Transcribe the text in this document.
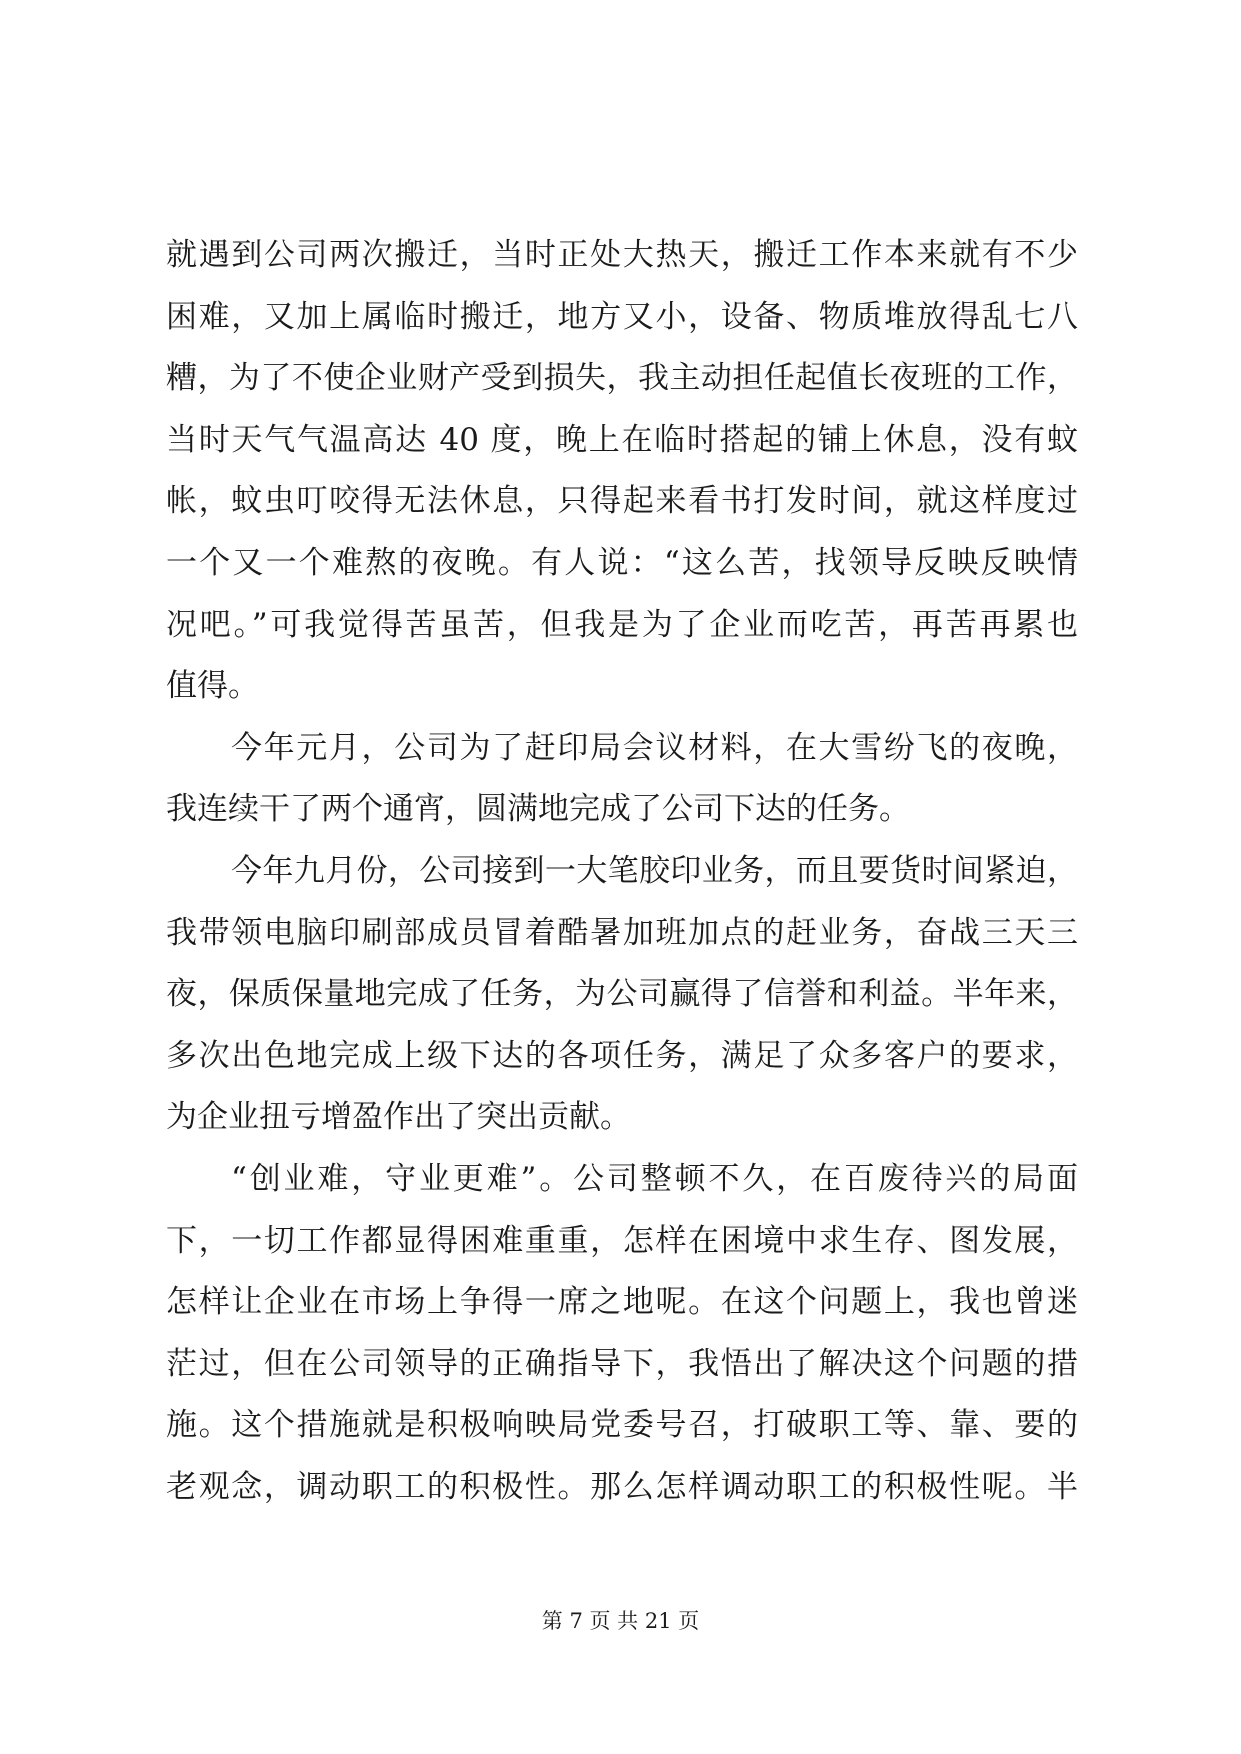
就遇到公司两次搬迁，当时正处大热天，搬迁工作本来就有不少
困难，又加上属临时搬迁，地方又小，设备、物质堆放得乱七八
糟，为了不使企业财产受到损失，我主动担任起值长夜班的工作，
当时天气气温高达 40 度，晚上在临时搭起的铺上休息，没有蚊
帐，蚊虫叮咬得无法休息，只得起来看书打发时间，就这样度过
一个又一个难熬的夜晚。有人说：“这么苦，找领导反映反映情
况吧。”可我觉得苦虽苦，但我是为了企业而吃苦，再苦再累也
值得。
今年元月，公司为了赶印局会议材料，在大雪纷飞的夜晚，
我连续干了两个通宵，圆满地完成了公司下达的任务。
今年九月份，公司接到一大笔胶印业务，而且要货时间紧迫，
我带领电脑印刷部成员冒着酷暑加班加点的赶业务，奋战三天三
夜，保质保量地完成了任务，为公司赢得了信誉和利益。半年来，
多次出色地完成上级下达的各项任务，满足了众多客户的要求，
为企业扭亏增盈作出了突出贡献。
“创业难，守业更难”。公司整顿不久，在百废待兴的局面
下，一切工作都显得困难重重，怎样在困境中求生存、图发展，
怎样让企业在市场上争得一席之地呢。在这个问题上，我也曾迷
茫过，但在公司领导的正确指导下，我悟出了解决这个问题的措
施。这个措施就是积极响映局党委号召，打破职工等、靠、要的
老观念，调动职工的积极性。那么怎样调动职工的积极性呢。半
第 7 页 共 21 页
